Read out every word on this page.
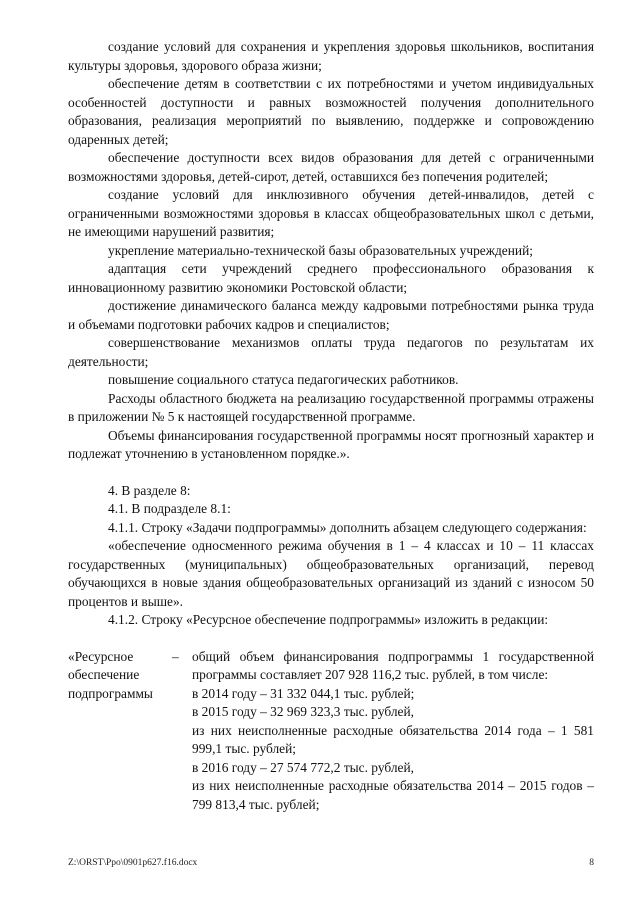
создание условий для сохранения и укрепления здоровья школьников, воспитания культуры здоровья, здорового образа жизни;

обеспечение детям в соответствии с их потребностями и учетом индивидуальных особенностей доступности и равных возможностей получения дополнительного образования, реализация мероприятий по выявлению, поддержке и сопровождению одаренных детей;

обеспечение доступности всех видов образования для детей с ограниченными возможностями здоровья, детей-сирот, детей, оставшихся без попечения родителей;

создание условий для инклюзивного обучения детей-инвалидов, детей с ограниченными возможностями здоровья в классах общеобразовательных школ с детьми, не имеющими нарушений развития;

укрепление материально-технической базы образовательных учреждений;

адаптация сети учреждений среднего профессионального образования к инновационному развитию экономики Ростовской области;

достижение динамического баланса между кадровыми потребностями рынка труда и объемами подготовки рабочих кадров и специалистов;

совершенствование механизмов оплаты труда педагогов по результатам их деятельности;

повышение социального статуса педагогических работников.

Расходы областного бюджета на реализацию государственной программы отражены в приложении № 5 к настоящей государственной программе.

Объемы финансирования государственной программы носят прогнозный характер и подлежат уточнению в установленном порядке.».

4. В разделе 8:

4.1. В подразделе 8.1:

4.1.1. Строку «Задачи подпрограммы» дополнить абзацем следующего содержания:

«обеспечение односменного режима обучения в 1 – 4 классах и 10 – 11 классах государственных (муниципальных) общеобразовательных организаций, перевод обучающихся в новые здания общеобразовательных организаций из зданий с износом 50 процентов и выше».

4.1.2. Строку «Ресурсное обеспечение подпрограммы» изложить в редакции:

«Ресурсное обеспечение подпрограммы
– общий объем финансирования подпрограммы 1 государственной программы составляет 207 928 116,2 тыс. рублей, в том числе:

в 2014 году – 31 332 044,1 тыс. рублей;

в 2015 году – 32 969 323,3 тыс. рублей,

из них неисполненные расходные обязательства 2014 года – 1 581 999,1 тыс. рублей;

в 2016 году – 27 574 772,2 тыс. рублей,

из них неисполненные расходные обязательства 2014 – 2015 годов – 799 813,4 тыс. рублей;

Z:\ORST\Ppo\0901p627.f16.docx	8
